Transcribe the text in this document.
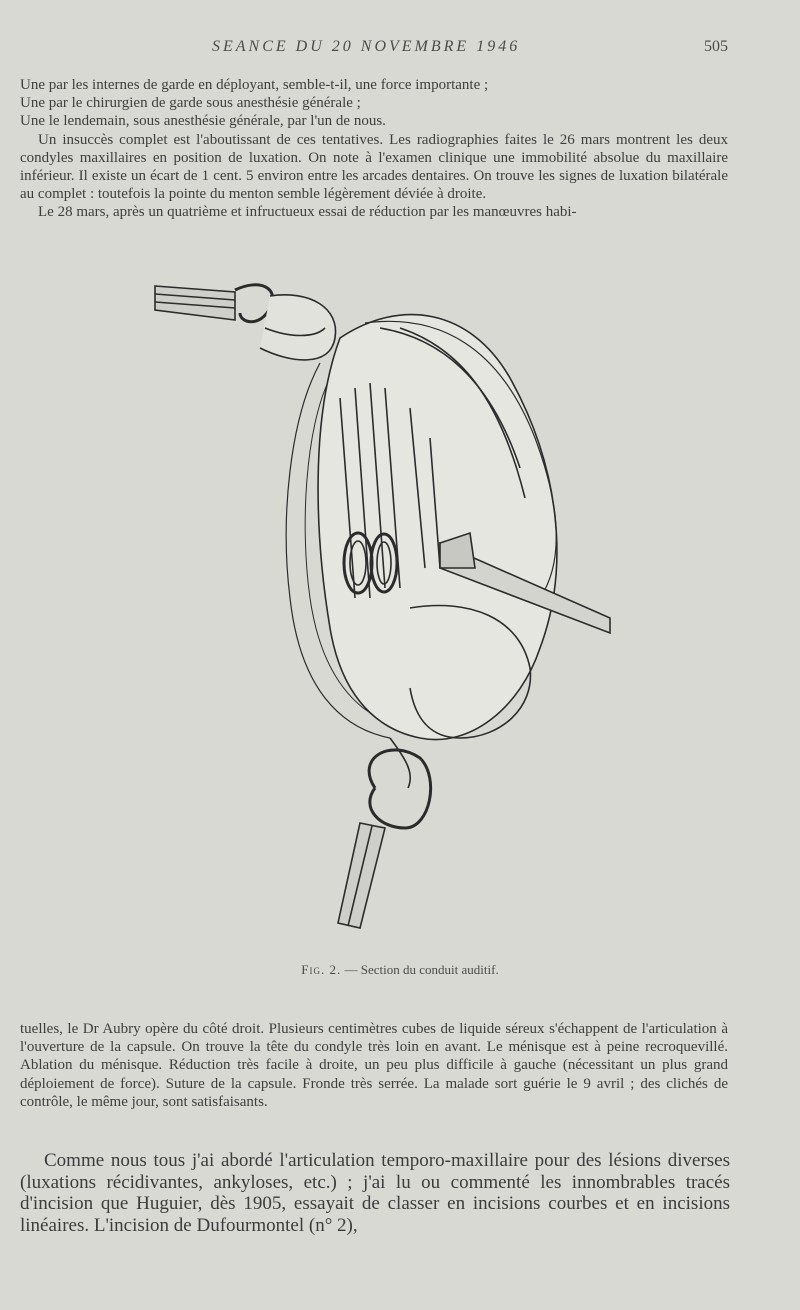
SEANCE DU 20 NOVEMBRE 1946	505

Une par les internes de garde en déployant, semble-t-il, une force importante ;

Une par le chirurgien de garde sous anesthésie générale ;

Une le lendemain, sous anesthésie générale, par l'un de nous.

Un insuccès complet est l'aboutissant de ces tentatives. Les radiographies faites le 26 mars montrent les deux condyles maxillaires en position de luxation. On note à l'examen clinique une immobilité absolue du maxillaire inférieur. Il existe un écart de 1 cent. 5 environ entre les arcades dentaires. On trouve les signes de luxation bilatérale au complet : toutefois la pointe du menton semble légèrement déviée à droite.

Le 28 mars, après un quatrième et infructueux essai de réduction par les manœuvres habi-

Fig. 2. — Section du conduit auditif.

tuelles, le Dr Aubry opère du côté droit. Plusieurs centimètres cubes de liquide séreux s'échappent de l'articulation à l'ouverture de la capsule. On trouve la tête du condyle très loin en avant. Le ménisque est à peine recroquevillé. Ablation du ménisque. Réduction très facile à droite, un peu plus difficile à gauche (nécessitant un plus grand déploiement de force). Suture de la capsule. Fronde très serrée. La malade sort guérie le 9 avril ; des clichés de contrôle, le même jour, sont satisfaisants.

Comme nous tous j'ai abordé l'articulation temporo-maxillaire pour des lésions diverses (luxations récidivantes, ankyloses, etc.) ; j'ai lu ou commenté les innombrables tracés d'incision que Huguier, dès 1905, essayait de classer en incisions courbes et en incisions linéaires. L'incision de Dufourmontel (n° 2),
